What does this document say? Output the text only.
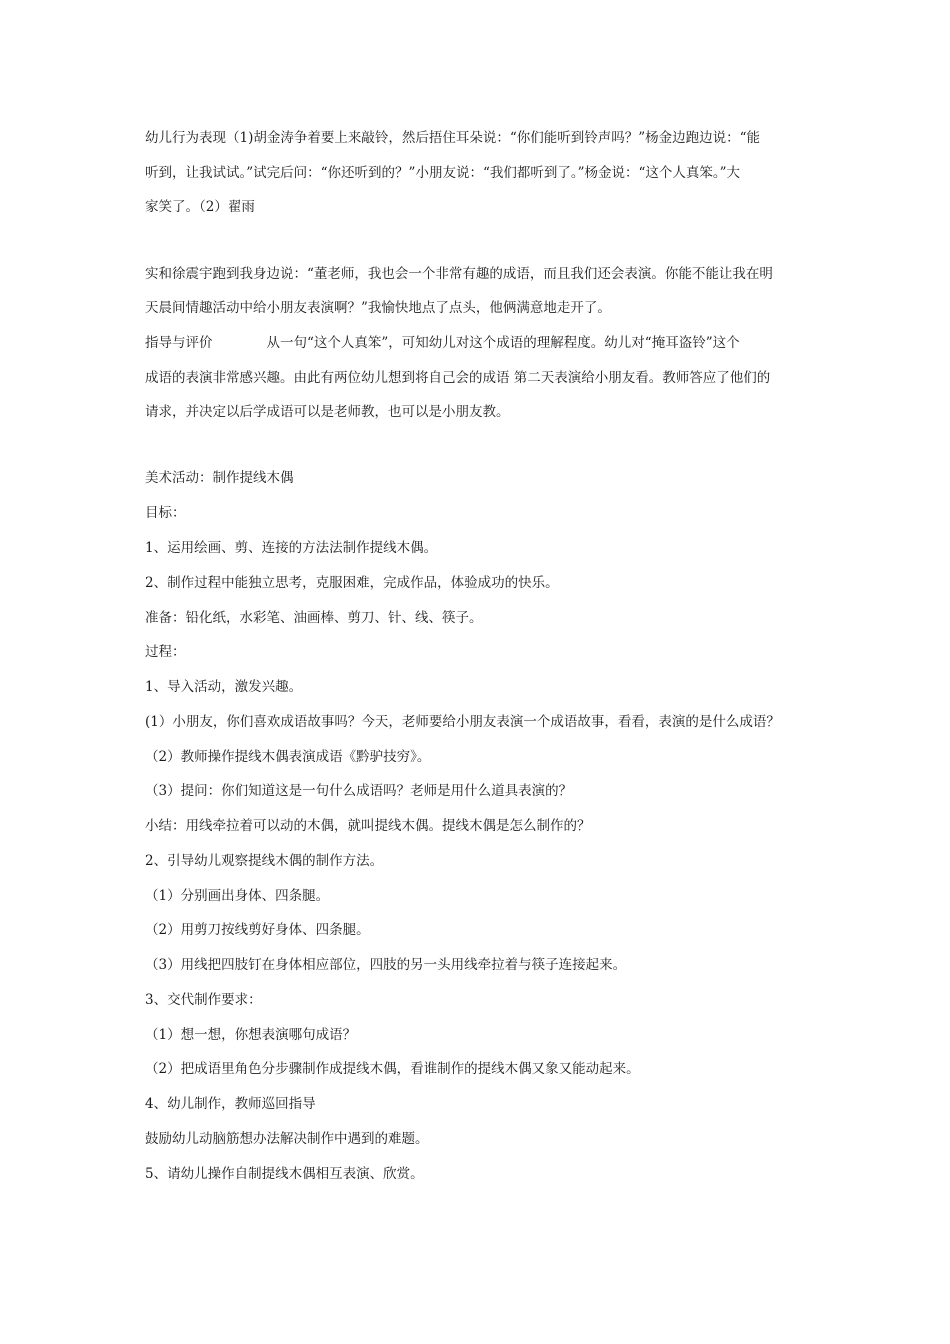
幼儿行为表现（1)胡金涛争着要上来敲铃，然后捂住耳朵说：“你们能听到铃声吗？”杨金边跑边说：“能
听到，让我试试。”试完后问：“你还听到的？”小朋友说：“我们都听到了。”杨金说：“这个人真笨。”大
家笑了。（2）翟雨
实和徐震宇跑到我身边说：“董老师，我也会一个非常有趣的成语，而且我们还会表演。你能不能让我在明
天晨间情趣活动中给小朋友表演啊？”我愉快地点了点头，他俩满意地走开了。
指导与评价	从一句“这个人真笨”，可知幼儿对这个成语的理解程度。幼儿对“掩耳盗铃”这个
成语的表演非常感兴趣。由此有两位幼儿想到将自己会的成语 第二天表演给小朋友看。教师答应了他们的
请求，并决定以后学成语可以是老师教，也可以是小朋友教。
美术活动：制作提线木偶
目标：
1、运用绘画、剪、连接的方法法制作提线木偶。
2、制作过程中能独立思考，克服困难，完成作品，体验成功的快乐。
准备：铅化纸，水彩笔、油画棒、剪刀、针、线、筷子。
过程：
1、导入活动，激发兴趣。
(1）小朋友，你们喜欢成语故事吗？今天，老师要给小朋友表演一个成语故事，看看，表演的是什么成语？
（2）教师操作提线木偶表演成语《黔驴技穷》。
（3）提问：你们知道这是一句什么成语吗？老师是用什么道具表演的？
小结：用线牵拉着可以动的木偶，就叫提线木偶。提线木偶是怎么制作的？
2、引导幼儿观察提线木偶的制作方法。
（1）分别画出身体、四条腿。
（2）用剪刀按线剪好身体、四条腿。
（3）用线把四肢钉在身体相应部位，四肢的另一头用线牵拉着与筷子连接起来。
3、交代制作要求：
（1）想一想，你想表演哪句成语？
（2）把成语里角色分步骤制作成提线木偶，看谁制作的提线木偶又象又能动起来。
4、幼儿制作，教师巡回指导
鼓励幼儿动脑筋想办法解决制作中遇到的难题。
5、请幼儿操作自制提线木偶相互表演、欣赏。
